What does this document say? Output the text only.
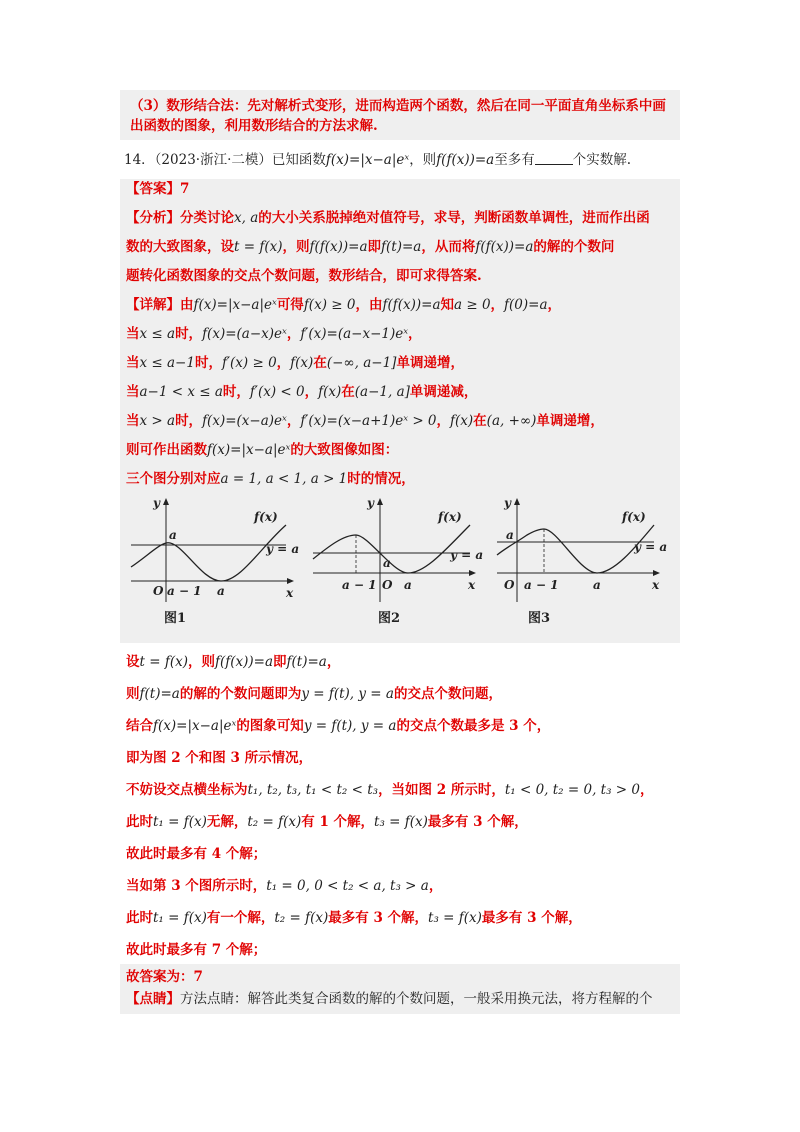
（3）数形结合法：先对解析式变形，进而构造两个函数，然后在同一平面直角坐标系中画
出函数的图象，利用数形结合的方法求解.
14．（2023·浙江·二模）已知函数f(x)=|x−a|eˣ，则f(f(x))=a至多有	个实数解.

【答案】7

【分析】分类讨论x, a的大小关系脱掉绝对值符号，求导，判断函数单调性，进而作出函

数的大致图象，设t = f(x)，则f(f(x))=a即f(t)=a，从而将f(f(x))=a的解的个数问

题转化函数图象的交点个数问题，数形结合，即可求得答案.

【详解】由f(x)=|x−a|eˣ可得f(x) ≥ 0，由f(f(x))=a知a ≥ 0，f(0)=a，

当x ≤ a时，f(x)=(a−x)eˣ，f′(x)=(a−x−1)eˣ，

当x ≤ a−1时，f′(x) ≥ 0，f(x)在(−∞, a−1]单调递增，

当a−1 < x ≤ a时，f′(x) < 0，f(x)在(a−1, a]单调递减，

当x > a时，f(x)=(x−a)eˣ，f′(x)=(x−a+1)eˣ > 0，f(x)在(a, +∞)单调递增，

则可作出函数f(x)=|x−a|eˣ的大致图像如图：

三个图分别对应a = 1, a < 1, a > 1时的情况，

y
a
f(x)
y = a
O a − 1 a	x
图1
y
a
f(x)
y = a
O
a − 1 a	x
图2
y
a
f(x)
y = a
O a − 1	a	x
图3

设t = f(x)，则f(f(x))=a即f(t)=a，

则f(t)=a的解的个数问题即为y = f(t), y = a的交点个数问题，

结合f(x)=|x−a|eˣ的图象可知y = f(t), y = a的交点个数最多是 3 个，

即为图 2 个和图 3 所示情况，

不妨设交点横坐标为t₁, t₂, t₃, t₁ < t₂ < t₃，当如图 2 所示时，t₁ < 0, t₂ = 0, t₃ > 0，

此时t₁ = f(x)无解，t₂ = f(x)有 1 个解，t₃ = f(x)最多有 3 个解，

故此时最多有 4 个解；

当如第 3 个图所示时，t₁ = 0, 0 < t₂ < a, t₃ > a，

此时t₁ = f(x)有一个解，t₂ = f(x)最多有 3 个解，t₃ = f(x)最多有 3 个解，

故此时最多有 7 个解；

故答案为：7

【点睛】方法点睛：解答此类复合函数的解的个数问题，一般采用换元法，将方程解的个
